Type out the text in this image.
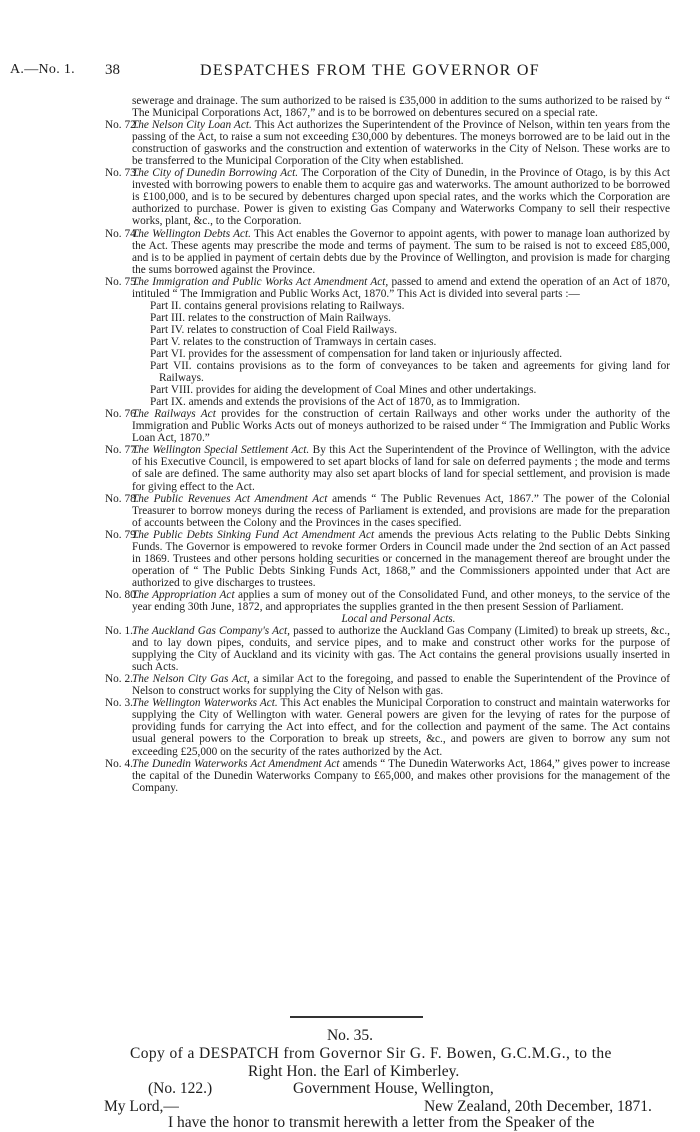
A.—No. 1. 38	DESPATCHES FROM THE GOVERNOR OF

sewerage and drainage. The sum authorized to be raised is £35,000 in addition to the sums authorized to be raised by “ The Municipal Corporations Act, 1867,” and is to be borrowed on debentures secured on a special rate.

No. 72.
The Nelson City Loan Act. This Act authorizes the Superintendent of the Province of Nelson, within ten years from the passing of the Act, to raise a sum not exceeding £30,000 by debentures. The moneys borrowed are to be laid out in the construction of gasworks and the construction and extention of waterworks in the City of Nelson. These works are to be transferred to the Municipal Corporation of the City when established.

No. 73.
The City of Dunedin Borrowing Act. The Corporation of the City of Dunedin, in the Province of Otago, is by this Act invested with borrowing powers to enable them to acquire gas and waterworks. The amount authorized to be borrowed is £100,000, and is to be secured by debentures charged upon special rates, and the works which the Corporation are authorized to purchase. Power is given to existing Gas Company and Waterworks Company to sell their respective works, plant, &c., to the Corporation.

No. 74.
The Wellington Debts Act. This Act enables the Governor to appoint agents, with power to manage loan authorized by the Act. These agents may prescribe the mode and terms of payment. The sum to be raised is not to exceed £85,000, and is to be applied in payment of certain debts due by the Province of Wellington, and provision is made for charging the sums borrowed against the Province.

No. 75.
The Immigration and Public Works Act Amendment Act, passed to amend and extend the operation of an Act of 1870, intituled “ The Immigration and Public Works Act, 1870.” This Act is divided into several parts :—

Part II. contains general provisions relating to Railways.

Part III. relates to the construction of Main Railways.

Part IV. relates to construction of Coal Field Railways.

Part V. relates to the construction of Tramways in certain cases.

Part VI. provides for the assessment of compensation for land taken or injuriously affected.

Part VII. contains provisions as to the form of conveyances to be taken and agreements for giving land for Railways.

Part VIII. provides for aiding the development of Coal Mines and other undertakings.

Part IX. amends and extends the provisions of the Act of 1870, as to Immigration.

No. 76.
The Railways Act provides for the construction of certain Railways and other works under the authority of the Immigration and Public Works Acts out of moneys authorized to be raised under “ The Immigration and Public Works Loan Act, 1870.”

No. 77.
The Wellington Special Settlement Act. By this Act the Superintendent of the Province of Wellington, with the advice of his Executive Council, is empowered to set apart blocks of land for sale on deferred payments ; the mode and terms of sale are defined. The same authority may also set apart blocks of land for special settlement, and provision is made for giving effect to the Act.

No. 78.
The Public Revenues Act Amendment Act amends “ The Public Revenues Act, 1867.” The power of the Colonial Treasurer to borrow moneys during the recess of Parliament is extended, and provisions are made for the preparation of accounts between the Colony and the Provinces in the cases specified.

No. 79.
The Public Debts Sinking Fund Act Amendment Act amends the previous Acts relating to the Public Debts Sinking Funds. The Governor is empowered to revoke former Orders in Council made under the 2nd section of an Act passed in 1869. Trustees and other persons holding securities or concerned in the management thereof are brought under the operation of “ The Public Debts Sinking Funds Act, 1868,” and the Commissioners appointed under that Act are authorized to give discharges to trustees.

No. 80.
The Appropriation Act applies a sum of money out of the Consolidated Fund, and other moneys, to the service of the year ending 30th June, 1872, and appropriates the supplies granted in the then present Session of Parliament.

Local and Personal Acts.

No. 1. The Auckland Gas Company's Act, passed to authorize the Auckland Gas Company (Limited) to break up streets, &c., and to lay down pipes, conduits, and service pipes, and to make and construct other works for the purpose of supplying the City of Auckland and its vicinity with gas. The Act contains the general provisions usually inserted in such Acts.

No. 2. The Nelson City Gas Act, a similar Act to the foregoing, and passed to enable the Superintendent of the Province of Nelson to construct works for supplying the City of Nelson with gas.

No. 3. The Wellington Waterworks Act. This Act enables the Municipal Corporation to construct and maintain waterworks for supplying the City of Wellington with water. General powers are given for the levying of rates for the purpose of providing funds for carrying the Act into effect, and for the collection and payment of the same. The Act contains usual general powers to the Corporation to break up streets, &c., and powers are given to borrow any sum not exceeding £25,000 on the security of the rates authorized by the Act.

No. 4. The Dunedin Waterworks Act Amendment Act amends “ The Dunedin Waterworks Act, 1864,” gives power to increase the capital of the Dunedin Waterworks Company to £65,000, and makes other provisions for the management of the Company.

No. 35.
Copy of a DESPATCH from Governor Sir G. F. Bowen, G.C.M.G., to the
Right Hon. the Earl of Kimberley.
(No. 122.)	Government House, Wellington,
My Lord,—	New Zealand, 20th December, 1871.
I have the honor to transmit herewith a letter from the Speaker of the
